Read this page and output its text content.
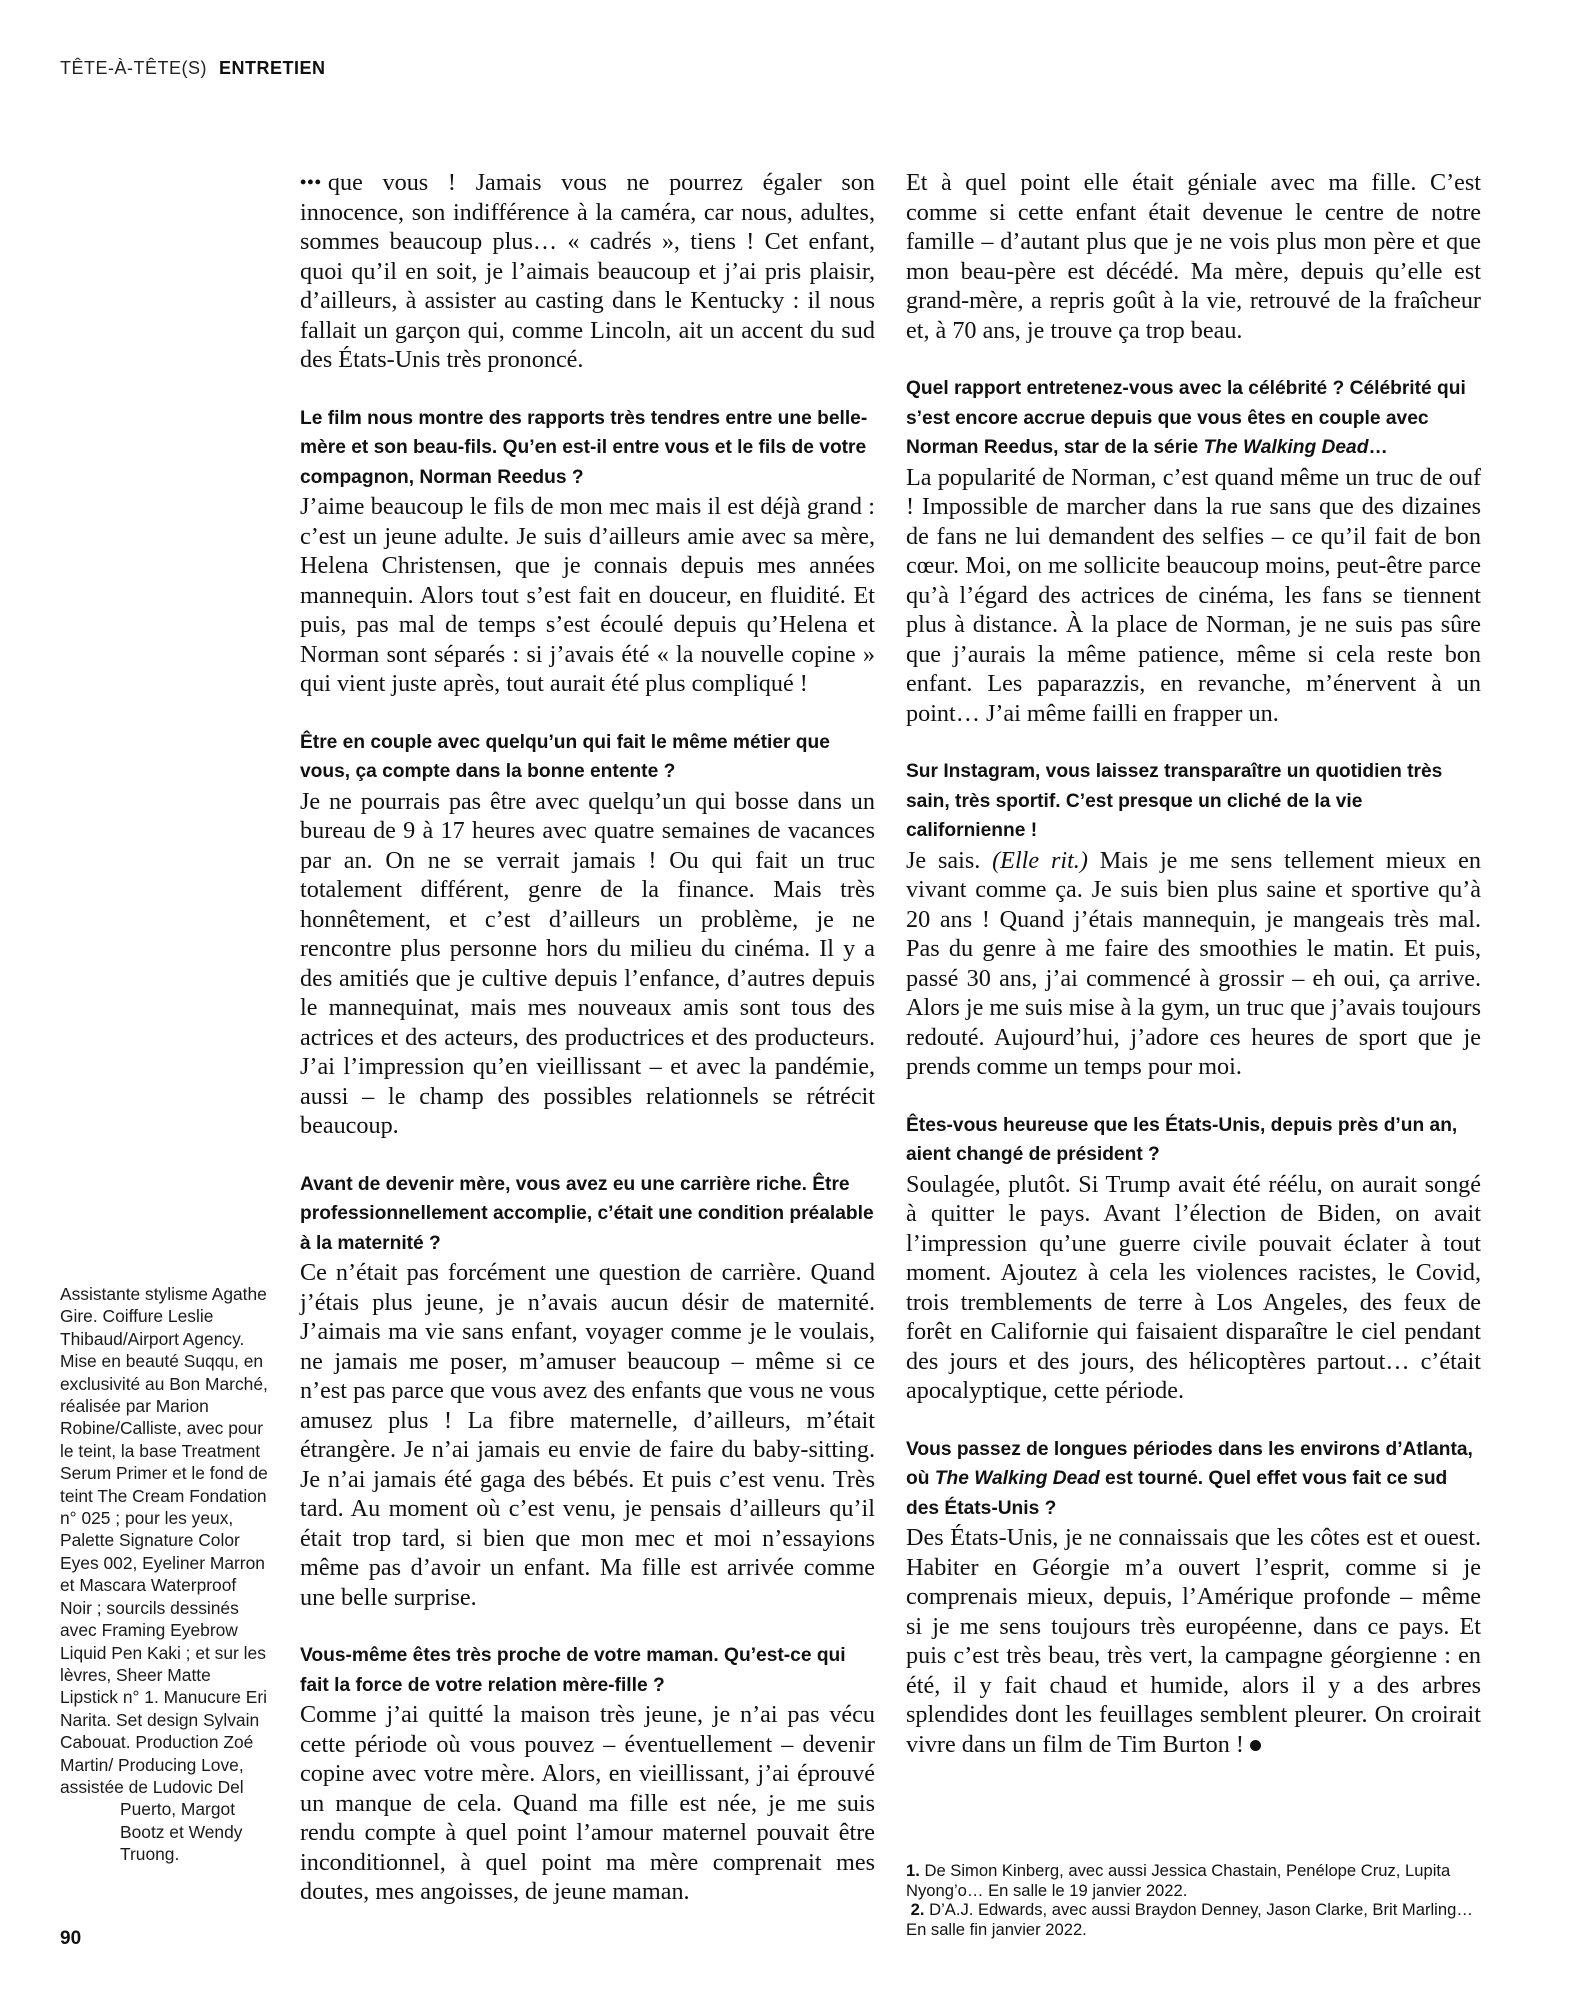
TÊTE-À-TÊTE(S) ENTRETIEN

••• que vous ! Jamais vous ne pourrez égaler son innocence, son indifférence à la caméra, car nous, adultes, sommes beaucoup plus… « cadrés », tiens ! Cet enfant, quoi qu’il en soit, je l’aimais beaucoup et j’ai pris plaisir, d’ailleurs, à assister au casting dans le Kentucky : il nous fallait un garçon qui, comme Lincoln, ait un accent du sud des États-Unis très prononcé.

Le film nous montre des rapports très tendres entre une belle-mère et son beau-fils. Qu’en est-il entre vous et le fils de votre compagnon, Norman Reedus ?

J’aime beaucoup le fils de mon mec mais il est déjà grand : c’est un jeune adulte. Je suis d’ailleurs amie avec sa mère, Helena Christensen, que je connais depuis mes années mannequin. Alors tout s’est fait en douceur, en fluidité. Et puis, pas mal de temps s’est écoulé depuis qu’Helena et Norman sont séparés : si j’avais été « la nouvelle copine » qui vient juste après, tout aurait été plus compliqué !

Être en couple avec quelqu’un qui fait le même métier que vous, ça compte dans la bonne entente ?

Je ne pourrais pas être avec quelqu’un qui bosse dans un bureau de 9 à 17 heures avec quatre semaines de vacances par an. On ne se verrait jamais ! Ou qui fait un truc totalement différent, genre de la finance. Mais très honnêtement, et c’est d’ailleurs un problème, je ne rencontre plus personne hors du milieu du cinéma. Il y a des amitiés que je cultive depuis l’enfance, d’autres depuis le mannequinat, mais mes nouveaux amis sont tous des actrices et des acteurs, des productrices et des producteurs. J’ai l’impression qu’en vieillissant – et avec la pandémie, aussi – le champ des possibles relationnels se rétrécit beaucoup.

Avant de devenir mère, vous avez eu une carrière riche. Être professionnellement accomplie, c’était une condition préalable à la maternité ?

Ce n’était pas forcément une question de carrière. Quand j’étais plus jeune, je n’avais aucun désir de maternité. J’aimais ma vie sans enfant, voyager comme je le voulais, ne jamais me poser, m’amuser beaucoup – même si ce n’est pas parce que vous avez des enfants que vous ne vous amusez plus ! La fibre maternelle, d’ailleurs, m’était étrangère. Je n’ai jamais eu envie de faire du baby-sitting. Je n’ai jamais été gaga des bébés. Et puis c’est venu. Très tard. Au moment où c’est venu, je pensais d’ailleurs qu’il était trop tard, si bien que mon mec et moi n’essayions même pas d’avoir un enfant. Ma fille est arrivée comme une belle surprise.

Vous-même êtes très proche de votre maman. Qu’est-ce qui fait la force de votre relation mère-fille ?

Comme j’ai quitté la maison très jeune, je n’ai pas vécu cette période où vous pouvez – éventuellement – devenir copine avec votre mère. Alors, en vieillissant, j’ai éprouvé un manque de cela. Quand ma fille est née, je me suis rendu compte à quel point l’amour maternel pouvait être inconditionnel, à quel point ma mère comprenait mes doutes, mes angoisses, de jeune maman.

Et à quel point elle était géniale avec ma fille. C’est comme si cette enfant était devenue le centre de notre famille – d’autant plus que je ne vois plus mon père et que mon beau-père est décédé. Ma mère, depuis qu’elle est grand-mère, a repris goût à la vie, retrouvé de la fraîcheur et, à 70 ans, je trouve ça trop beau.

Quel rapport entretenez-vous avec la célébrité ? Célébrité qui s’est encore accrue depuis que vous êtes en couple avec Norman Reedus, star de la série The Walking Dead…

La popularité de Norman, c’est quand même un truc de ouf ! Impossible de marcher dans la rue sans que des dizaines de fans ne lui demandent des selfies – ce qu’il fait de bon cœur. Moi, on me sollicite beaucoup moins, peut-être parce qu’à l’égard des actrices de cinéma, les fans se tiennent plus à distance. À la place de Norman, je ne suis pas sûre que j’aurais la même patience, même si cela reste bon enfant. Les paparazzis, en revanche, m’énervent à un point… J’ai même failli en frapper un.

Sur Instagram, vous laissez transparaître un quotidien très sain, très sportif. C’est presque un cliché de la vie californienne !

Je sais. (Elle rit.) Mais je me sens tellement mieux en vivant comme ça. Je suis bien plus saine et sportive qu’à 20 ans ! Quand j’étais mannequin, je mangeais très mal. Pas du genre à me faire des smoothies le matin. Et puis, passé 30 ans, j’ai commencé à grossir – eh oui, ça arrive. Alors je me suis mise à la gym, un truc que j’avais toujours redouté. Aujourd’hui, j’adore ces heures de sport que je prends comme un temps pour moi.

Êtes-vous heureuse que les États-Unis, depuis près d’un an, aient changé de président ?

Soulagée, plutôt. Si Trump avait été réélu, on aurait songé à quitter le pays. Avant l’élection de Biden, on avait l’impression qu’une guerre civile pouvait éclater à tout moment. Ajoutez à cela les violences racistes, le Covid, trois tremblements de terre à Los Angeles, des feux de forêt en Californie qui faisaient disparaître le ciel pendant des jours et des jours, des hélicoptères partout… c’était apocalyptique, cette période.

Vous passez de longues périodes dans les environs d’Atlanta, où The Walking Dead est tourné. Quel effet vous fait ce sud des États-Unis ?

Des États-Unis, je ne connaissais que les côtes est et ouest. Habiter en Géorgie m’a ouvert l’esprit, comme si je comprenais mieux, depuis, l’Amérique profonde – même si je me sens toujours très européenne, dans ce pays. Et puis c’est très beau, très vert, la campagne géorgienne : en été, il y fait chaud et humide, alors il y a des arbres splendides dont les feuillages semblent pleurer. On croirait vivre dans un film de Tim Burton !

Assistante stylisme Agathe Gire. Coiffure Leslie Thibaud/Airport Agency. Mise en beauté Suqqu, en exclusivité au Bon Marché, réalisée par Marion Robine/Calliste, avec pour le teint, la base Treatment Serum Primer et le fond de teint The Cream Fondation n° 025 ; pour les yeux, Palette Signature Color Eyes 002, Eyeliner Marron et Mascara Waterproof Noir ; sourcils dessinés avec Framing Eyebrow Liquid Pen Kaki ; et sur les lèvres, Sheer Matte Lipstick n° 1. Manucure Eri Narita. Set design Sylvain Cabouat. Production Zoé Martin/ Producing Love, assistée de Ludovic Del
Puerto, Margot Bootz et Wendy Truong.
90

1. De Simon Kinberg, avec aussi Jessica Chastain, Penélope Cruz, Lupita Nyong’o… En salle le 19 janvier 2022.

2. D’A.J. Edwards, avec aussi Braydon Denney, Jason Clarke, Brit Marling… En salle fin janvier 2022.
